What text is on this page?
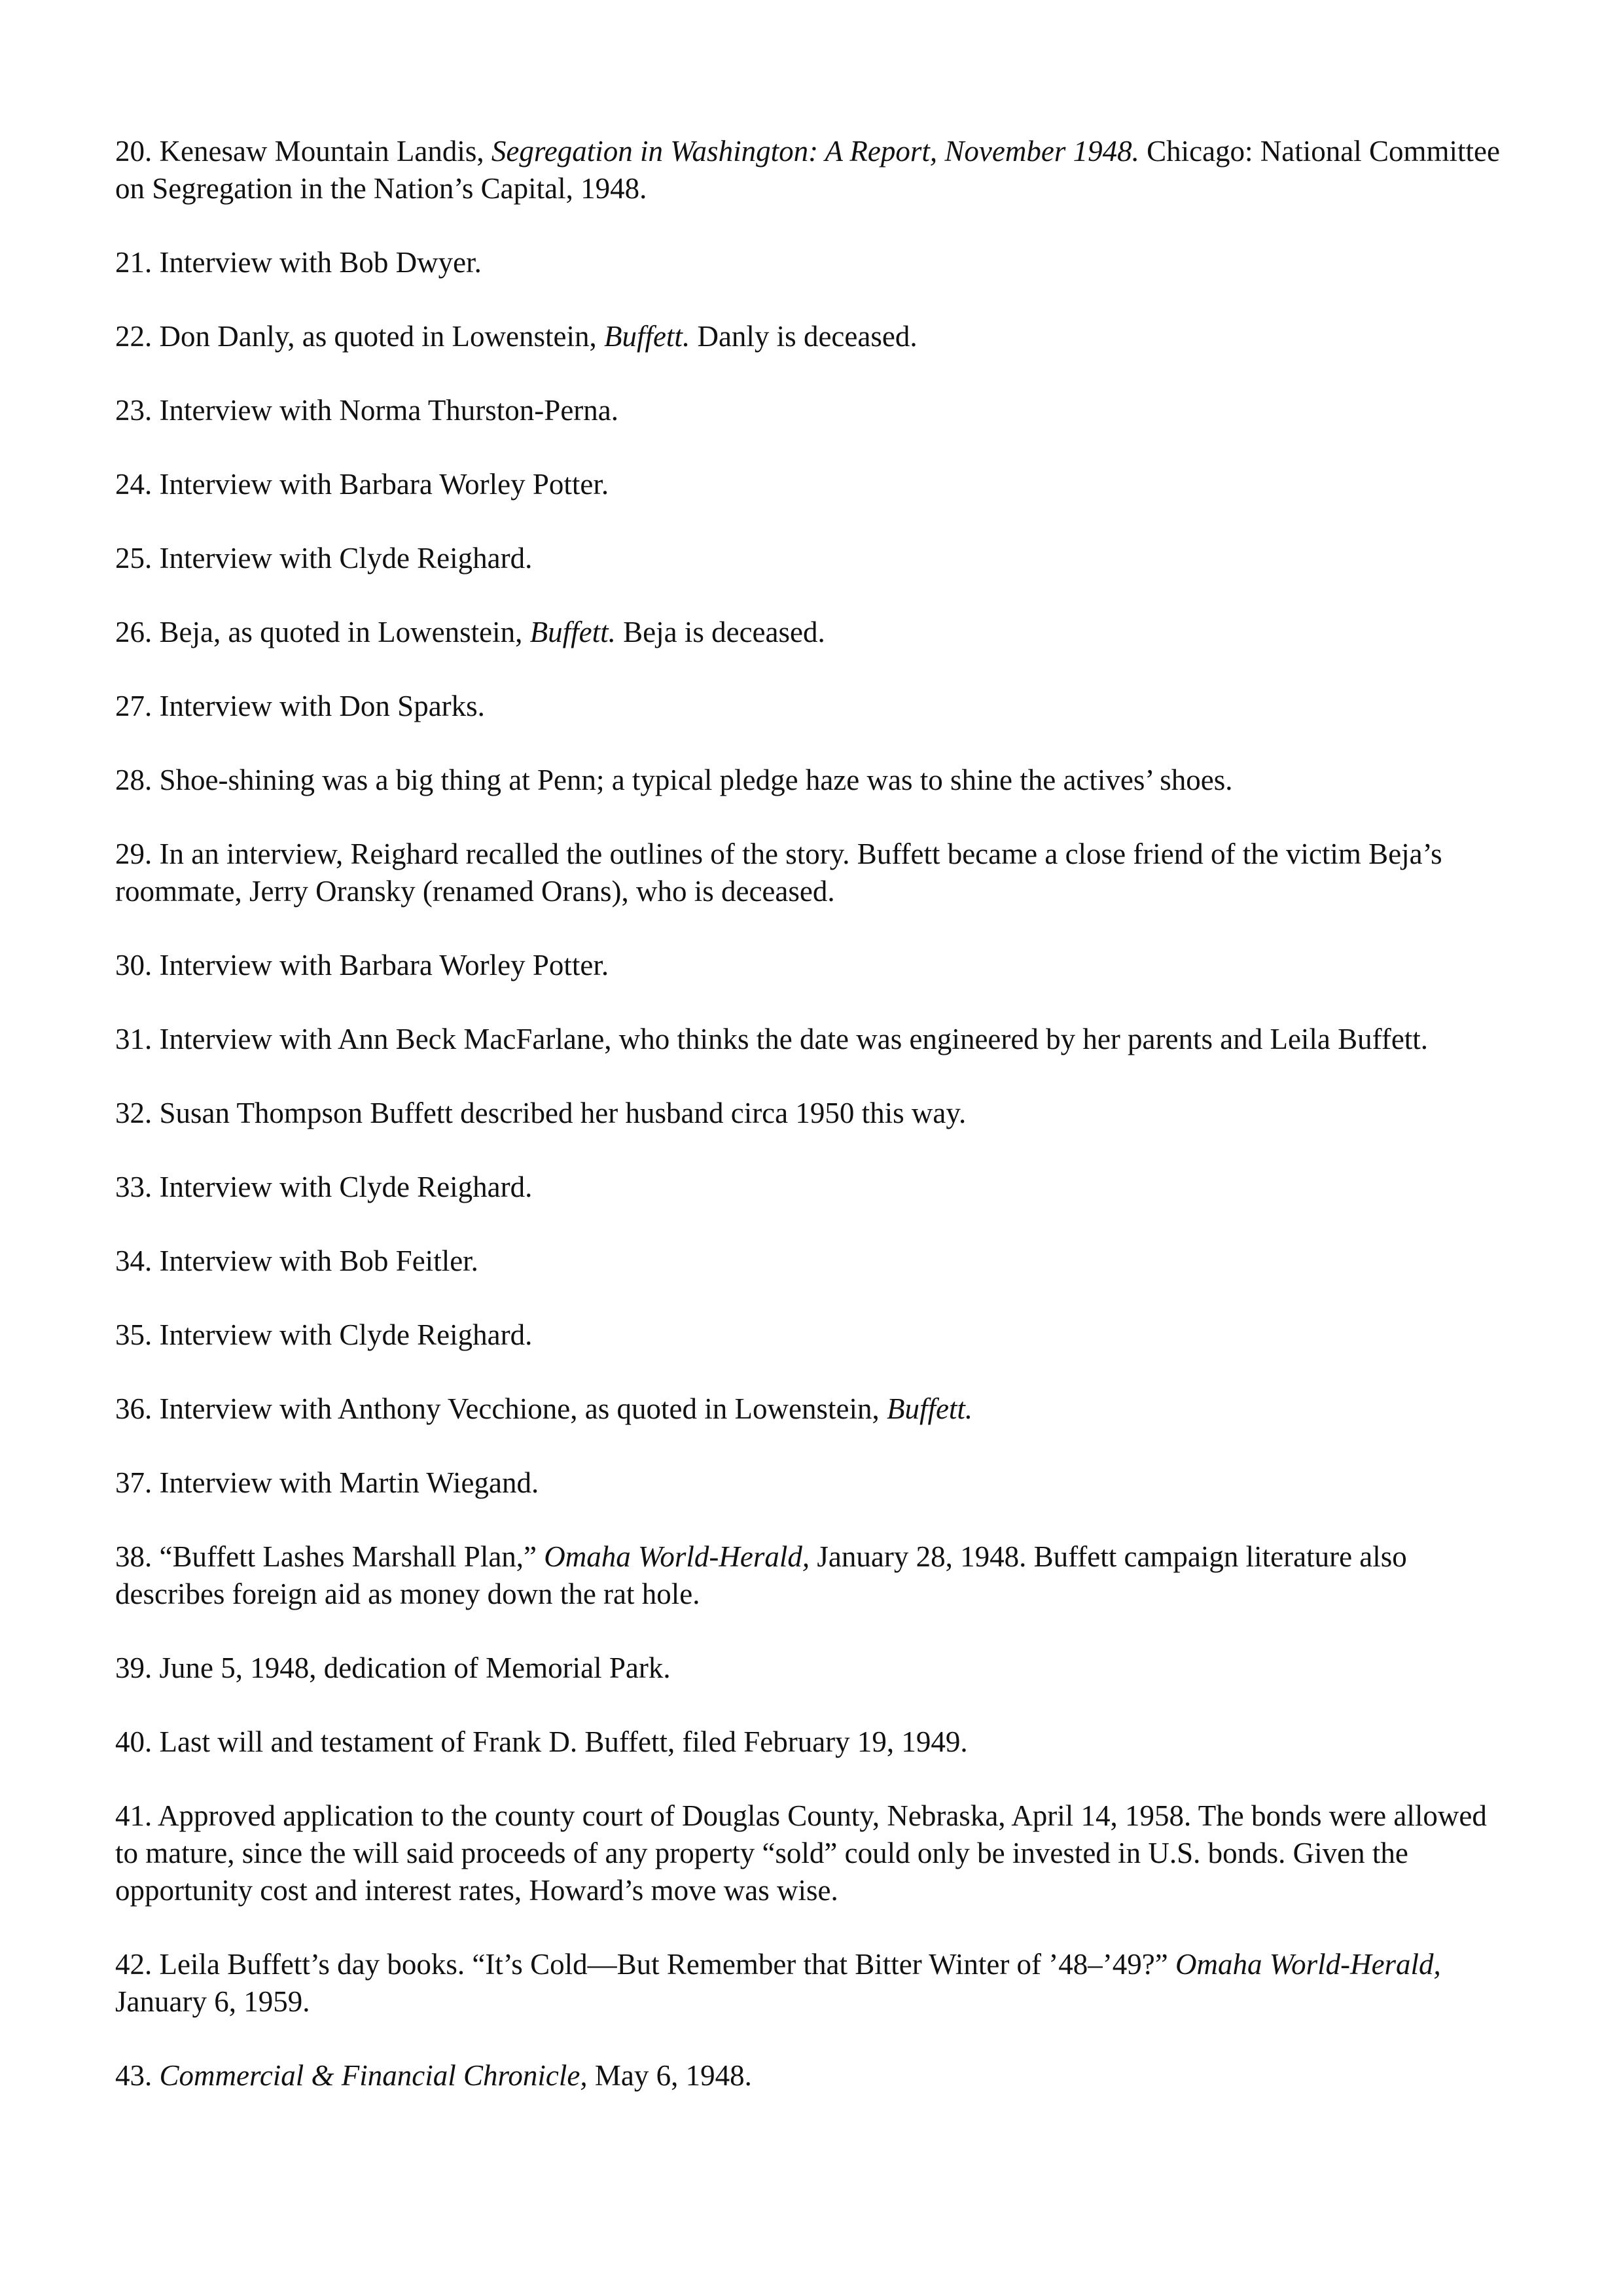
20. Kenesaw Mountain Landis, Segregation in Washington: A Report, November 1948. Chicago: National Committee on Segregation in the Nation’s Capital, 1948.

21. Interview with Bob Dwyer.

22. Don Danly, as quoted in Lowenstein, Buffett. Danly is deceased.

23. Interview with Norma Thurston-Perna.

24. Interview with Barbara Worley Potter.

25. Interview with Clyde Reighard.

26. Beja, as quoted in Lowenstein, Buffett. Beja is deceased.

27. Interview with Don Sparks.

28. Shoe-shining was a big thing at Penn; a typical pledge haze was to shine the actives’ shoes.

29. In an interview, Reighard recalled the outlines of the story. Buffett became a close friend of the victim Beja’s roommate, Jerry Oransky (renamed Orans), who is deceased.

30. Interview with Barbara Worley Potter.

31. Interview with Ann Beck MacFarlane, who thinks the date was engineered by her parents and Leila Buffett.

32. Susan Thompson Buffett described her husband circa 1950 this way.

33. Interview with Clyde Reighard.

34. Interview with Bob Feitler.

35. Interview with Clyde Reighard.

36. Interview with Anthony Vecchione, as quoted in Lowenstein, Buffett.

37. Interview with Martin Wiegand.

38. “Buffett Lashes Marshall Plan,” Omaha World-Herald, January 28, 1948. Buffett campaign literature also describes foreign aid as money down the rat hole.

39. June 5, 1948, dedication of Memorial Park.

40. Last will and testament of Frank D. Buffett, filed February 19, 1949.

41. Approved application to the county court of Douglas County, Nebraska, April 14, 1958. The bonds were allowed to mature, since the will said proceeds of any property “sold” could only be invested in U.S. bonds. Given the opportunity cost and interest rates, Howard’s move was wise.

42. Leila Buffett’s day books. “It’s Cold—But Remember that Bitter Winter of ’48–’49?” Omaha World-Herald, January 6, 1959.

43. Commercial & Financial Chronicle, May 6, 1948.
